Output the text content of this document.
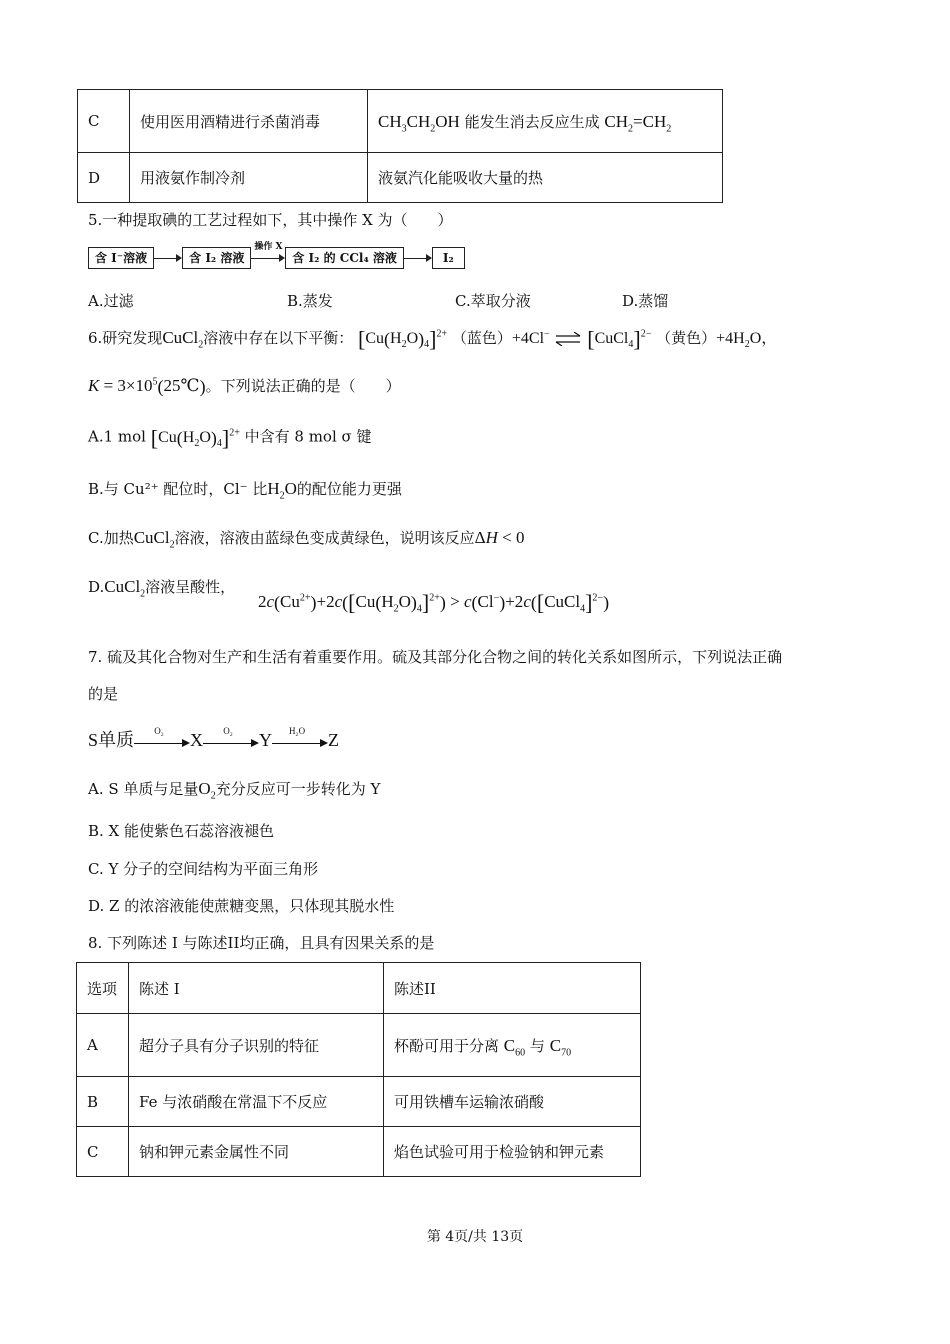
C	使用医用酒精进行杀菌消毒	$CH_3CH_2OH$ 能发生消去反应生成 $CH_2=CH_2$
D	用液氨作制冷剂	液氨汽化能吸收大量的热
5.一种提取碘的工艺过程如下，其中操作 X 为（　　）
含 I⁻溶液	含 I₂ 溶液
操作 X
含 I₂ 的 CCl₄ 溶液	I₂
A.过滤	B.蒸发	C.萃取分液	D.蒸馏
6.研究发现CuCl$_2$溶液中存在以下平衡： $[Cu(H_2O)_4]^{2+}$ （蓝色）+4Cl− ⇌ [CuCl$_4$]$^{2-}$ （黄色）$+4H_2O$，
$K = 3\times 10^5(25℃)$。下列说法正确的是（　　）
A.1 mol $[Cu(H_2O)_4]^{2+}$ 中含有 8 mol σ 键
B.与 Cu²⁺ 配位时，Cl⁻ 比$H_2O$的配位能力更强
C.加热CuCl$_2$溶液，溶液由蓝绿色变成黄绿色，说明该反应ΔH < 0
D.CuCl$_2$溶液呈酸性，
$2c(Cu^{2+})+2c([Cu(H_2O)_4]^{2+})$ > c(Cl−)+2c([CuCl$_4$]$^{2-}$)
7. 硫及其化合物对生产和生活有着重要作用。硫及其部分化合物之间的转化关系如图所示，下列说法正确
的是
S单质	O₂	X	O₂	Y	H₂O	Z
A. S 单质与足量$O_2$充分反应可一步转化为 Y
B. X 能使紫色石蕊溶液褪色
C. Y 分子的空间结构为平面三角形
D. Z 的浓溶液能使蔗糖变黑，只体现其脱水性
8. 下列陈述 I 与陈述II均正确，且具有因果关系的是
选项	陈述 I	陈述II
A	超分子具有分子识别的特征	杯酚可用于分离 $C_{60}$ 与 $C_{70}$
B	Fe 与浓硝酸在常温下不反应	可用铁槽车运输浓硝酸
C	钠和钾元素金属性不同	焰色试验可用于检验钠和钾元素
第 4页/共 13页
